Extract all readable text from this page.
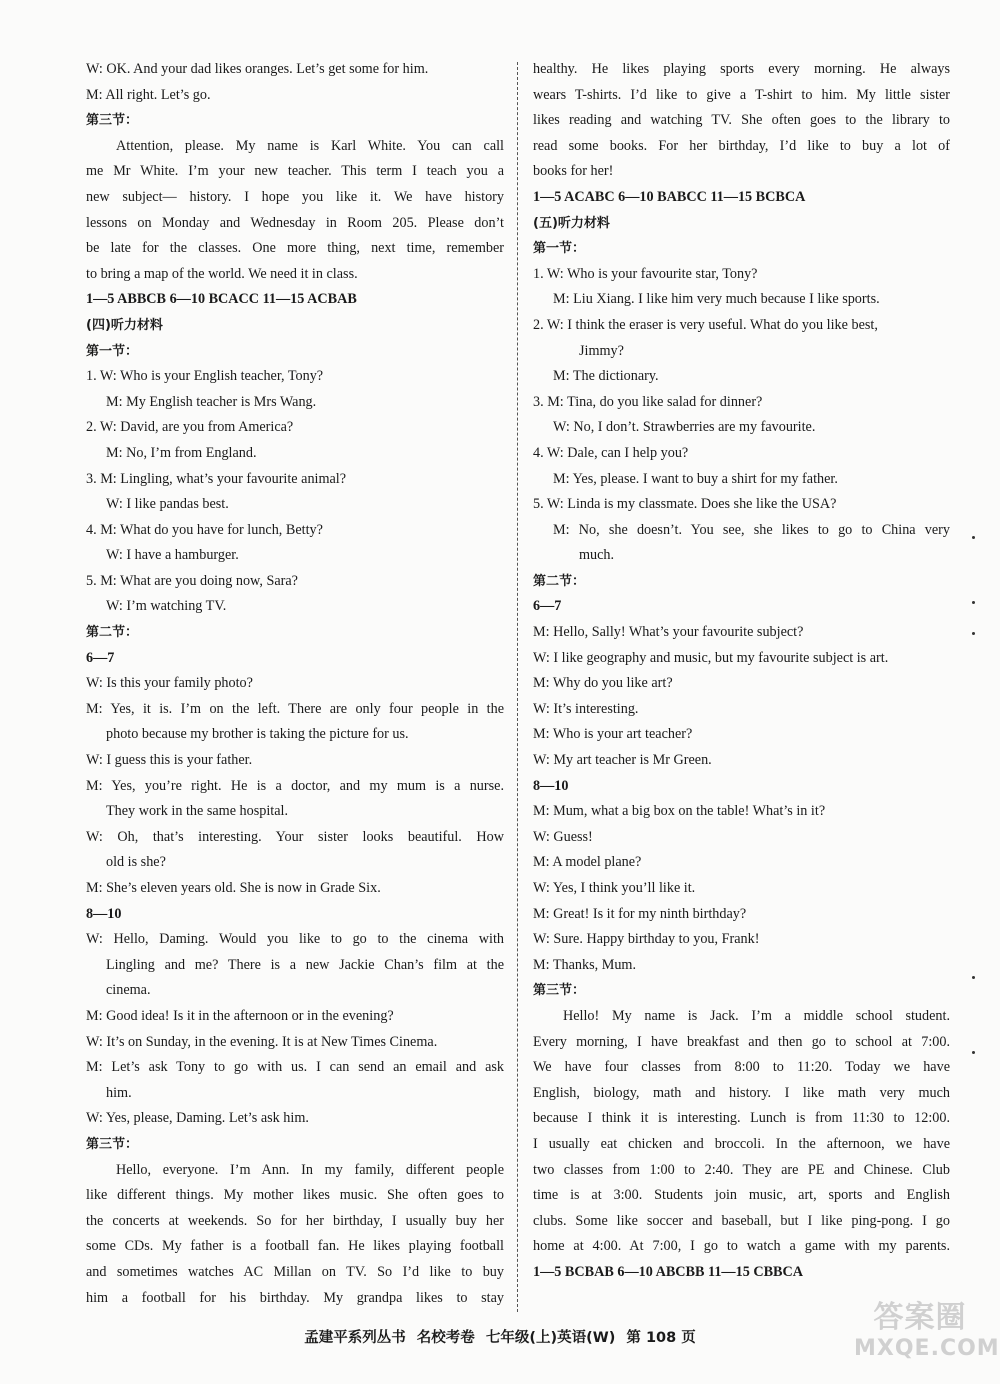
W: OK. And your dad likes oranges. Let’s get some for him.
M: All right. Let’s go.
第三节：
Attention, please. My name is Karl White. You can call
me Mr White. I’m your new teacher. This term I teach you a
new subject— history. I hope you like it. We have history
lessons on Monday and Wednesday in Room 205. Please don’t
be late for the classes. One more thing, next time, remember
to bring a map of the world. We need it in class.
1—5 ABBCB 6—10 BCACC 11—15 ACBAB
(四)听力材料
第一节：
1. W: Who is your English teacher, Tony?
M: My English teacher is Mrs Wang.
2. W: David, are you from America?
M: No, I’m from England.
3. M: Lingling, what’s your favourite animal?
W: I like pandas best.
4. M: What do you have for lunch, Betty?
W: I have a hamburger.
5. M: What are you doing now, Sara?
W: I’m watching TV.
第二节：
6—7
W: Is this your family photo?
M: Yes, it is. I’m on the left. There are only four people in the
photo because my brother is taking the picture for us.
W: I guess this is your father.
M: Yes, you’re right. He is a doctor, and my mum is a nurse.
They work in the same hospital.
W: Oh, that’s interesting. Your sister looks beautiful. How
old is she?
M: She’s eleven years old. She is now in Grade Six.
8—10
W: Hello, Daming. Would you like to go to the cinema with
Lingling and me? There is a new Jackie Chan’s film at the
cinema.
M: Good idea! Is it in the afternoon or in the evening?
W: It’s on Sunday, in the evening. It is at New Times Cinema.
M: Let’s ask Tony to go with us. I can send an email and ask
him.
W: Yes, please, Daming. Let’s ask him.
第三节：
Hello, everyone. I’m Ann. In my family, different people
like different things. My mother likes music. She often goes to
the concerts at weekends. So for her birthday, I usually buy her
some CDs. My father is a football fan. He likes playing football
and sometimes watches AC Millan on TV. So I’d like to buy
him a football for his birthday. My grandpa likes to stay
healthy. He likes playing sports every morning. He always
wears T-shirts. I’d like to give a T-shirt to him. My little sister
likes reading and watching TV. She often goes to the library to
read some books. For her birthday, I’d like to buy a lot of
books for her!
1—5 ACABC 6—10 BABCC 11—15 BCBCA
(五)听力材料
第一节：
1. W: Who is your favourite star, Tony?
M: Liu Xiang. I like him very much because I like sports.
2. W: I think the eraser is very useful. What do you like best,
Jimmy?
M: The dictionary.
3. M: Tina, do you like salad for dinner?
W: No, I don’t. Strawberries are my favourite.
4. W: Dale, can I help you?
M: Yes, please. I want to buy a shirt for my father.
5. W: Linda is my classmate. Does she like the USA?
M: No, she doesn’t. You see, she likes to go to China very
much.
第二节：
6—7
M: Hello, Sally! What’s your favourite subject?
W: I like geography and music, but my favourite subject is art.
M: Why do you like art?
W: It’s interesting.
M: Who is your art teacher?
W: My art teacher is Mr Green.
8—10
M: Mum, what a big box on the table! What’s in it?
W: Guess!
M: A model plane?
W: Yes, I think you’ll like it.
M: Great! Is it for my ninth birthday?
W: Sure. Happy birthday to you, Frank!
M: Thanks, Mum.
第三节：
Hello! My name is Jack. I’m a middle school student.
Every morning, I have breakfast and then go to school at 7:00.
We have four classes from 8:00 to 11:20. Today we have
English, biology, math and history. I like math very much
because I think it is interesting. Lunch is from 11:30 to 12:00.
I usually eat chicken and broccoli. In the afternoon, we have
two classes from 1:00 to 2:40. They are PE and Chinese. Club
time is at 3:00. Students join music, art, sports and English
clubs. Some like soccer and baseball, but I like ping-pong. I go
home at 4:00. At 7:00, I go to watch a game with my parents.
1—5 BCBAB 6—10 ABCBB 11—15 CBBCA
孟建平系列丛书 名校考卷 七年级(上)英语(W) 第 108 页
答案圈
MXQE.COM
